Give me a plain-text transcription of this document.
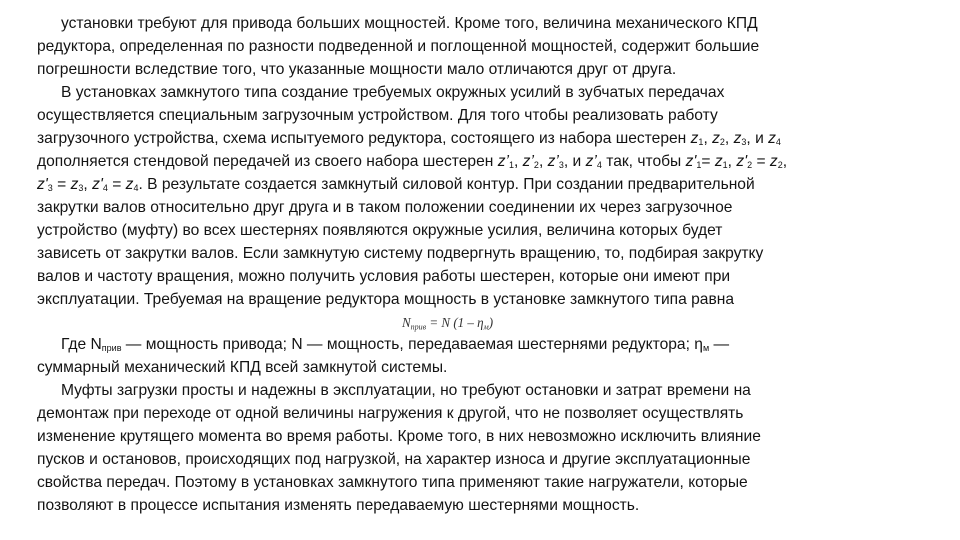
установки требуют для привода больших мощностей. Кроме того, величина механического КПД

редуктора, определенная по разности подведенной и поглощенной мощностей, содержит большие

погрешности вследствие того, что указанные мощности мало отличаются друг от друга.

В установках замкнутого типа создание требуемых окружных усилий в зубчатых передачах

осуществляется специальным загрузочным устройством. Для того чтобы реализовать работу

загрузочного устройства, схема испытуемого редуктора, состоящего из набора шестерен $z_1$, $z_2$, $z_3$, и $z_4$

дополняется стендовой передачей из своего набора шестерен $z’_1$, $z’_2$, $z’_3$, и $z’_4$ так, чтобы $z'_1= z_1$, $z'_2 = z_2$,

$z'_3 = z_3$, $z'_4 = z_4$. В результате создается замкнутый силовой контур. При создании предварительной

закрутки валов относительно друг друга и в таком положении соединении их через загрузочное

устройство (муфту) во всех шестернях появляются окружные усилия, величина которых будет

зависеть от закрутки валов. Если замкнутую систему подвергнуть вращению, то, подбирая закрутку

валов и частоту вращения, можно получить условия работы шестерен, которые они имеют при

эксплуатации. Требуемая на вращение редуктора мощность в установке замкнутого типа равна

$N_{прив} = N$ $(1 - \eta_м)$

Где $N_{прив}$ — мощность привода; N — мощность, передаваемая шестернями редуктора; $\eta_м$ —

суммарный механический КПД всей замкнутой системы.

Муфты загрузки просты и надежны в эксплуатации, но требуют остановки и затрат времени на

демонтаж при переходе от одной величины нагружения к другой, что не позволяет осуществлять

изменение крутящего момента во время работы. Кроме того, в них невозможно исключить влияние

пусков и остановов, происходящих под нагрузкой, на характер износа и другие эксплуатационные

свойства передач. Поэтому в установках замкнутого типа применяют такие нагружатели, которые

позволяют в процессе испытания изменять передаваемую шестернями мощность.
